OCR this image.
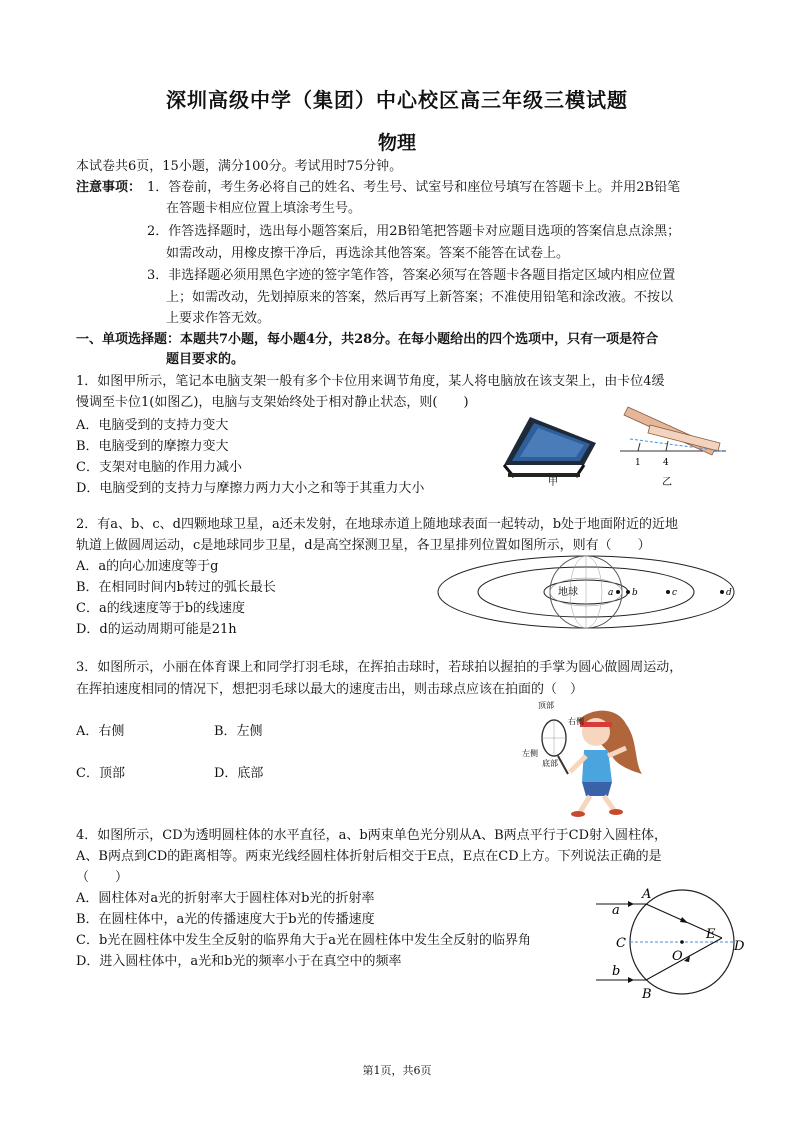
深圳高级中学（集团）中心校区高三年级三模试题
物理
本试卷共6页，15小题，满分100分。考试用时75分钟。
注意事项： 1．答卷前，考生务必将自己的姓名、考生号、试室号和座位号填写在答题卡上。并用2B铅笔
在答题卡相应位置上填涂考生号。
2．作答选择题时，选出每小题答案后，用2B铅笔把答题卡对应题目选项的答案信息点涂黑；
如需改动，用橡皮擦干净后，再选涂其他答案。答案不能答在试卷上。
3．非选择题必须用黑色字迹的签字笔作答，答案必须写在答题卡各题目指定区域内相应位置
上；如需改动，先划掉原来的答案，然后再写上新答案；不准使用铅笔和涂改液。不按以
上要求作答无效。
一、单项选择题：本题共7小题，每小题4分，共28分。在每小题给出的四个选项中，只有一项是符合
题目要求的。
1．如图甲所示，笔记本电脑支架一般有多个卡位用来调节角度，某人将电脑放在该支架上，由卡位4缓
慢调至卡位1(如图乙)，电脑与支架始终处于相对静止状态，则(　　)
A．电脑受到的支持力变大
B．电脑受到的摩擦力变大
C．支架对电脑的作用力减小
D．电脑受到的支持力与摩擦力两力大小之和等于其重力大小	甲
1 4
乙
2．有a、b、c、d四颗地球卫星，a还未发射，在地球赤道上随地球表面一起转动，b处于地面附近的近地
轨道上做圆周运动，c是地球同步卫星，d是高空探测卫星，各卫星排列位置如图所示，则有（　　）
A．a的向心加速度等于g
B．在相同时间内b转过的弧长最长
C．a的线速度等于b的线速度
D．d的运动周期可能是21h
地球	a b	c	d
3．如图所示，小丽在体育课上和同学打羽毛球，在挥拍击球时，若球拍以握拍的手掌为圆心做圆周运动，
在挥拍速度相同的情况下，想把羽毛球以最大的速度击出，则击球点应该在拍面的（　）
A．右侧	B．左侧
C．顶部	D．底部
顶部
右侧
左侧
底部
4．如图所示，CD为透明圆柱体的水平直径，a、b两束单色光分别从A、B两点平行于CD射入圆柱体，
A、B两点到CD的距离相等。两束光线经圆柱体折射后相交于E点，E点在CD上方。下列说法正确的是
（　　）
A．圆柱体对a光的折射率大于圆柱体对b光的折射率
B．在圆柱体中，a光的传播速度大于b光的传播速度
C．b光在圆柱体中发生全反射的临界角大于a光在圆柱体中发生全反射的临界角
D．进入圆柱体中，a光和b光的频率小于在真空中的频率
A
B
C	D
E
O
a
b
第1页，共6页
